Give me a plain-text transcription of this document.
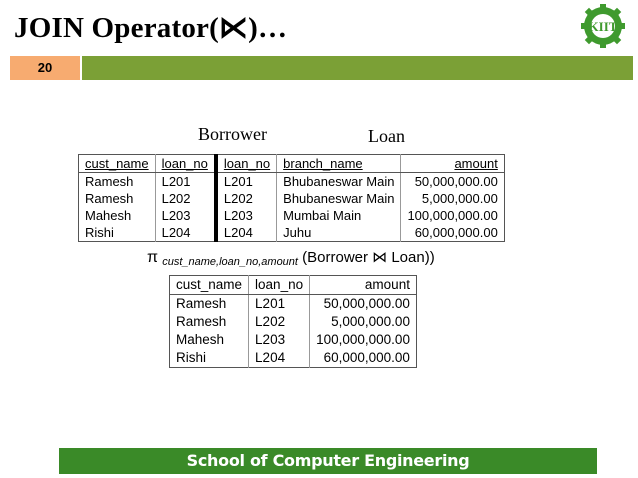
JOIN Operator(⋉)…	KIIT
20
Borrower	Loan
cust_name	loan_no	loan_no	branch_name	amount
Ramesh	L201	L201	Bhubaneswar Main	50,000,000.00
Ramesh	L202	L202	Bhubaneswar Main	5,000,000.00
Mahesh	L203	L203	Mumbai Main	100,000,000.00
Rishi	L204	L204	Juhu	60,000,000.00
π $_{cust\_name,loan\_no,amount}$ (Borrower ⋈ Loan))
cust_name	loan_no	amount
Ramesh	L201	50,000,000.00
Ramesh	L202	5,000,000.00
Mahesh	L203	100,000,000.00
Rishi	L204	60,000,000.00
School of Computer Engineering
